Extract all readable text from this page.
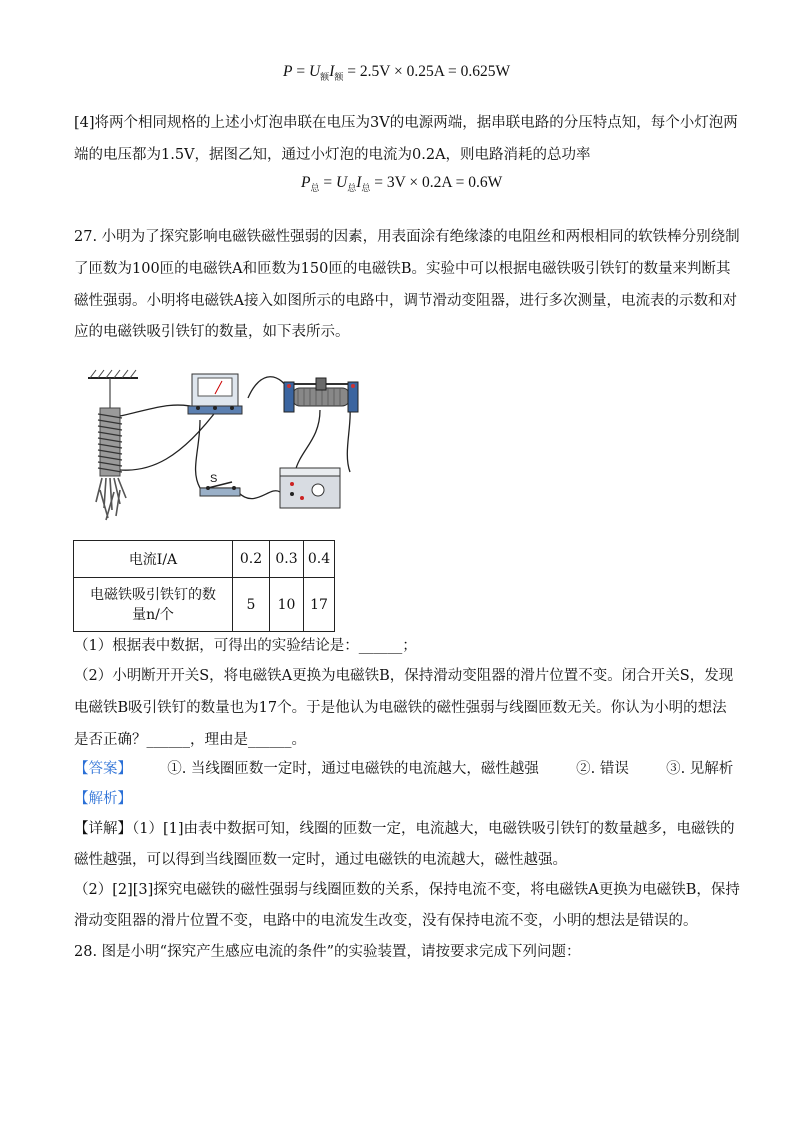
$P = U_额I_额 = 2.5V \times 0.25A = 0.625W$
[4]将两个相同规格的上述小灯泡串联在电压为3V的电源两端，据串联电路的分压特点知，每个小灯泡两
端的电压都为1.5V，据图乙知，通过小灯泡的电流为0.2A，则电路消耗的总功率
$P_总 = U_总I_总 = 3V \times 0.2A = 0.6W$
27. 小明为了探究影响电磁铁磁性强弱的因素，用表面涂有绝缘漆的电阻丝和两根相同的软铁棒分别绕制
了匝数为100匝的电磁铁A和匝数为150匝的电磁铁B。实验中可以根据电磁铁吸引铁钉的数量来判断其
磁性强弱。小明将电磁铁A接入如图所示的电路中，调节滑动变阻器，进行多次测量，电流表的示数和对
应的电磁铁吸引铁钉的数量，如下表所示。
S
电流I/A	0.2	0.3	0.4
电磁铁吸引铁钉的数
量n/个	5	10	17
（1）根据表中数据，可得出的实验结论是：______；
（2）小明断开开关S，将电磁铁A更换为电磁铁B，保持滑动变阻器的滑片位置不变。闭合开关S，发现
电磁铁B吸引铁钉的数量也为17个。于是他认为电磁铁的磁性强弱与线圈匝数无关。你认为小明的想法
是否正确？______，理由是______。
【答案】 ①. 当线圈匝数一定时，通过电磁铁的电流越大，磁性越强	②. 错误	③. 见解析
【解析】
【详解】（1）[1]由表中数据可知，线圈的匝数一定，电流越大，电磁铁吸引铁钉的数量越多，电磁铁的
磁性越强，可以得到当线圈匝数一定时，通过电磁铁的电流越大，磁性越强。
（2）[2][3]探究电磁铁的磁性强弱与线圈匝数的关系，保持电流不变，将电磁铁A更换为电磁铁B，保持
滑动变阻器的滑片位置不变，电路中的电流发生改变，没有保持电流不变，小明的想法是错误的。
28. 图是小明“探究产生感应电流的条件”的实验装置，请按要求完成下列问题：
